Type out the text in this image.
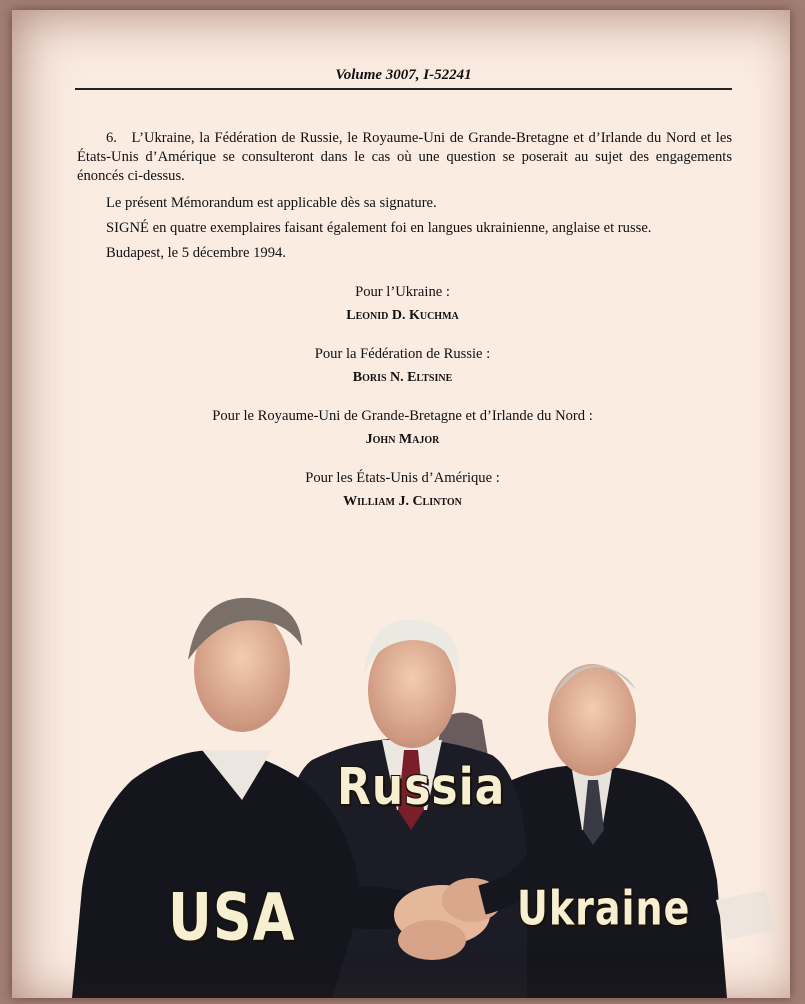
Volume 3007, I-52241

6. L’Ukraine, la Fédération de Russie, le Royaume-Uni de Grande-Bretagne et d’Irlande du Nord et les États-Unis d’Amérique se consulteront dans le cas où une question se poserait au sujet des engagements énoncés ci-dessus.

Le présent Mémorandum est applicable dès sa signature.

SIGNÉ en quatre exemplaires faisant également foi en langues ukrainienne, anglaise et russe.

Budapest, le 5 décembre 1994.

Pour l’Ukraine :
Leonid D. Kuchma
Pour la Fédération de Russie :
Boris N. Eltsine
Pour le Royaume-Uni de Grande-Bretagne et d’Irlande du Nord :
John Major
Pour les États-Unis d’Amérique :
William J. Clinton
Russia
USA	Ukraine
